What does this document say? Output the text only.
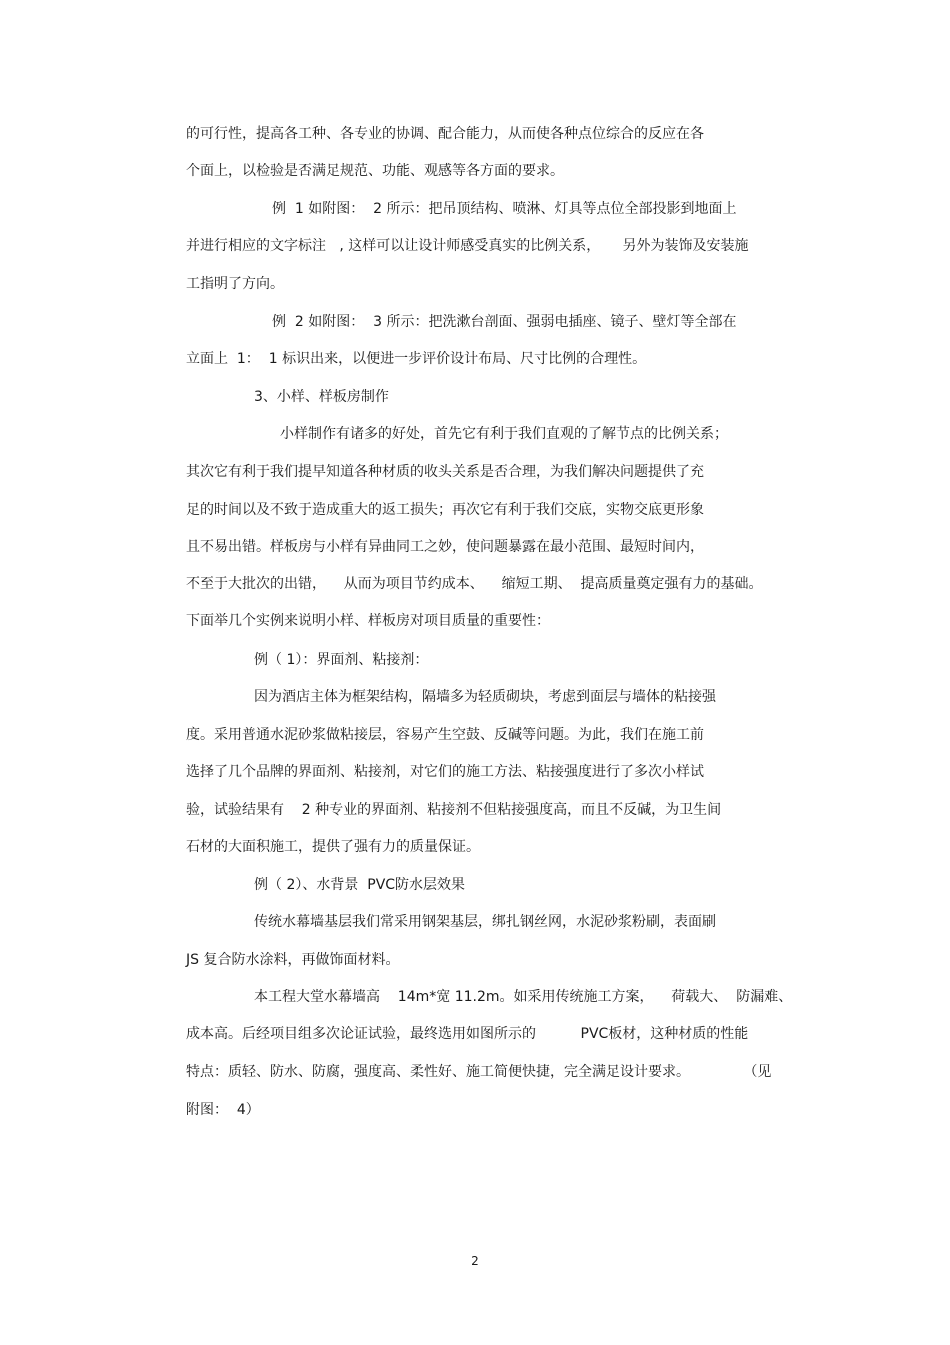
的可行性，提高各工种、各专业的协调、配合能力，从而使各种点位综合的反应在各
个面上，以检验是否满足规范、功能、观感等各方面的要求。
例  1 如附图：  2 所示：把吊顶结构、喷淋、灯具等点位全部投影到地面上
并进行相应的文字标注   , 这样可以让设计师感受真实的比例关系，     另外为装饰及安装施
工指明了方向。
例  2 如附图：  3 所示：把洗漱台剖面、强弱电插座、镜子、壁灯等全部在
立面上  1：  1 标识出来，以便进一步评价设计布局、尺寸比例的合理性。
3、小样、样板房制作
小样制作有诸多的好处，首先它有利于我们直观的了解节点的比例关系；
其次它有利于我们提早知道各种材质的收头关系是否合理，为我们解决问题提供了充
足的时间以及不致于造成重大的返工损失；再次它有利于我们交底，实物交底更形象
且不易出错。样板房与小样有异曲同工之妙，使问题暴露在最小范围、最短时间内，
不至于大批次的出错，    从而为项目节约成本、    缩短工期、  提高质量奠定强有力的基础。
下面举几个实例来说明小样、样板房对项目质量的重要性：
例（ 1）：界面剂、粘接剂：
因为酒店主体为框架结构，隔墙多为轻质砌块，考虑到面层与墙体的粘接强
度。采用普通水泥砂浆做粘接层，容易产生空鼓、反碱等问题。为此，我们在施工前
选择了几个品牌的界面剂、粘接剂，对它们的施工方法、粘接强度进行了多次小样试
验，试验结果有    2 种专业的界面剂、粘接剂不但粘接强度高，而且不反碱，为卫生间
石材的大面积施工，提供了强有力的质量保证。
例（ 2）、水背景  PVC防水层效果
传统水幕墙基层我们常采用钢架基层，绑扎钢丝网，水泥砂浆粉刷，表面刷
JS 复合防水涂料，再做饰面材料。
本工程大堂水幕墙高    14m*宽 11.2m。如采用传统施工方案，    荷载大、  防漏难、
成本高。后经项目组多次论证试验，最终选用如图所示的          PVC板材，这种材质的性能
特点：质轻、防水、防腐，强度高、柔性好、施工简便快捷，完全满足设计要求。            （见
附图：  4）
2
